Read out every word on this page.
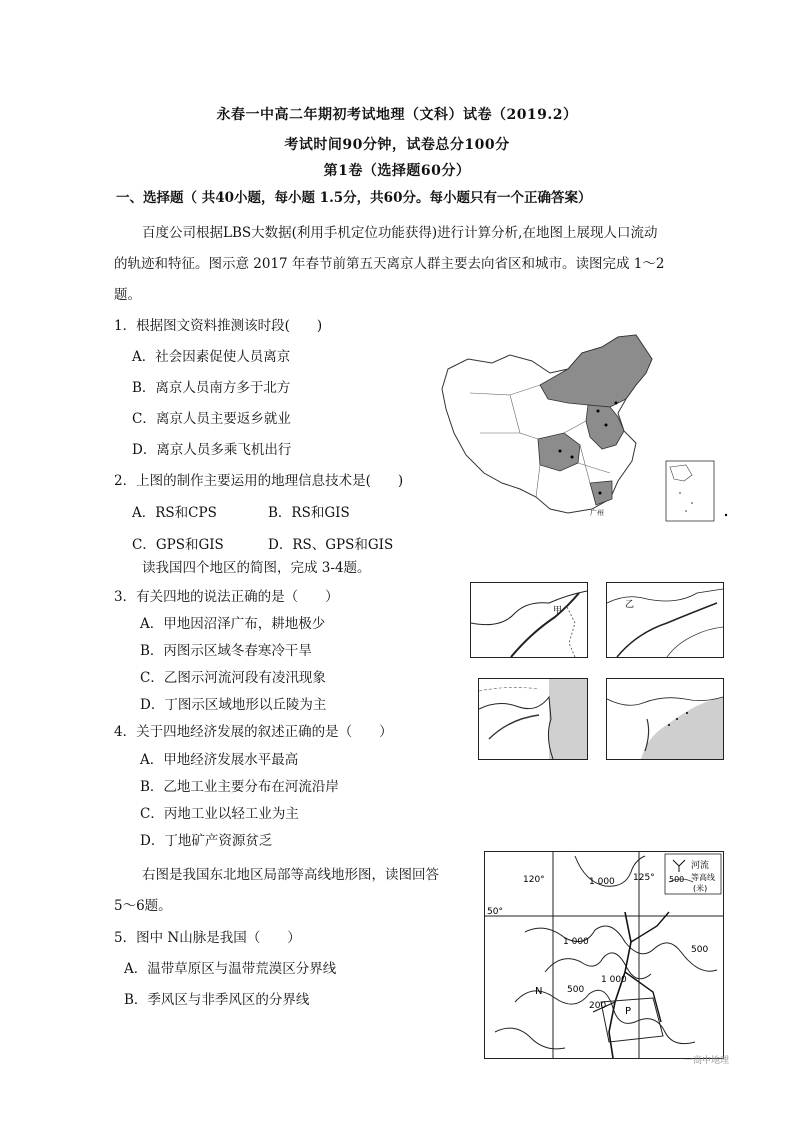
永春一中高二年期初考试地理（文科）试卷（2019.2）
考试时间90分钟，试卷总分100分
第1卷（选择题60分）
一、选择题（ 共40小题，每小题 1.5分，共60分。每小题只有一个正确答案）
百度公司根据LBS大数据(利用手机定位功能获得)进行计算分析,在地图上展现人口流动
的轨迹和特征。图示意 2017 年春节前第五天离京人群主要去向省区和城市。读图完成 1～2
题。
1．根据图文资料推测该时段(　　)
A．社会因素促使人员离京
B．离京人员南方多于北方
C．离京人员主要返乡就业
D．离京人员多乘飞机出行
2．上图的制作主要运用的地理信息技术是(　　)
A．RS和CPS	B．RS和GIS
C．GPS和GIS	D．RS、GPS和GIS
读我国四个地区的简图，完成 3-4题。
3．有关四地的说法正确的是（　　）
A．甲地因沼泽广布，耕地极少
B．丙图示区域冬春寒冷干旱
C．乙图示河流河段有凌汛现象
D．丁图示区域地形以丘陵为主
4．关于四地经济发展的叙述正确的是（　　）
A．甲地经济发展水平最高
B．乙地工业主要分布在河流沿岸
C．丙地工业以轻工业为主
D．丁地矿产资源贫乏
右图是我国东北地区局部等高线地形图，读图回答
5～6题。
5．图中 N山脉是我国（　　）
A．温带草原区与温带荒漠区分界线
B．季风区与非季风区的分界线
广州
甲
乙
120°	125°
50°
1 000
1 000
1 000
500
500
200
N
P
河流
500 等高线
(米)
一高中地理
